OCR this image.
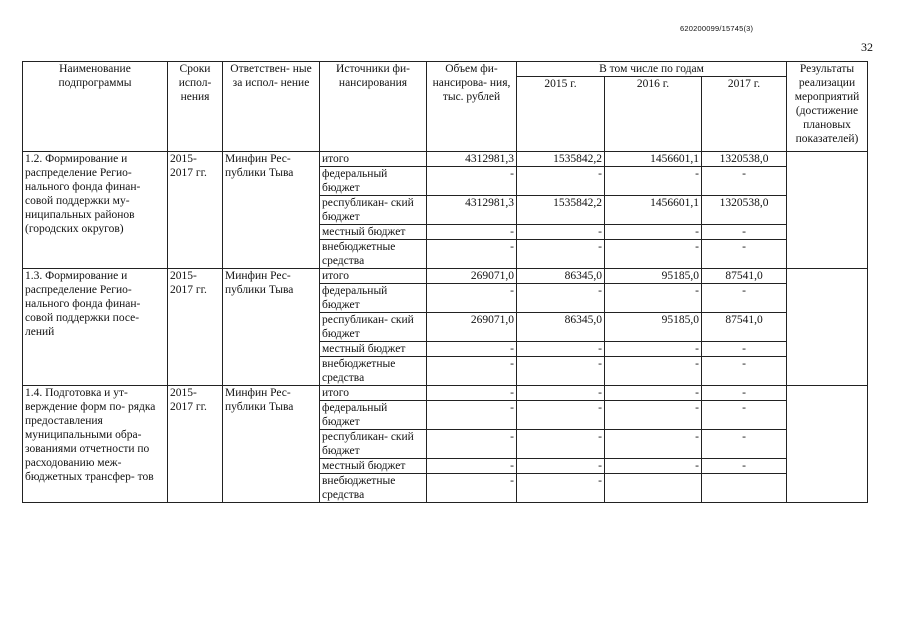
620200099/15745(3)
32
Наименование подпрограммы	Сроки испол- нения	Ответствен- ные за испол- нение	Источники фи- нансирования	Объем фи- нансирова- ния, тыс. рублей	В том числе по годам			Результаты реализации мероприятий (достижение плановых показателей)
					2015 г.	2016 г.	2017 г.	
1.2. Формирование и распределение Регио- нального фонда финан- совой поддержки му- ниципальных районов (городских округов)	2015- 2017 гг.	Минфин Рес- публики Тыва	итого	4312981,3	1535842,2	1456601,1	1320538,0	
			федеральный бюджет	-	-	-	-	
			республикан- ский бюджет	4312981,3	1535842,2	1456601,1	1320538,0	
			местный бюджет	-	-	-	-	
			внебюджетные средства	-	-	-	-	
1.3. Формирование и распределение Регио- нального фонда финан- совой поддержки посе- лений	2015- 2017 гг.	Минфин Рес- публики Тыва	итого	269071,0	86345,0	95185,0	87541,0	
			федеральный бюджет	-	-	-	-	
			республикан- ский бюджет	269071,0	86345,0	95185,0	87541,0	
			местный бюджет	-	-	-	-	
			внебюджетные средства	-	-	-	-	
1.4. Подготовка и ут- верждение форм по- рядка предоставления муниципальными обра- зованиями отчетности по расходованию меж- бюджетных трансфер- тов	2015- 2017 гг.	Минфин Рес- публики Тыва	итого	-	-	-	-	
			федеральный бюджет	-	-	-	-	
			республикан- ский бюджет	-	-	-	-	
			местный бюджет	-	-	-	-	
			внебюджетные средства	-	-			
